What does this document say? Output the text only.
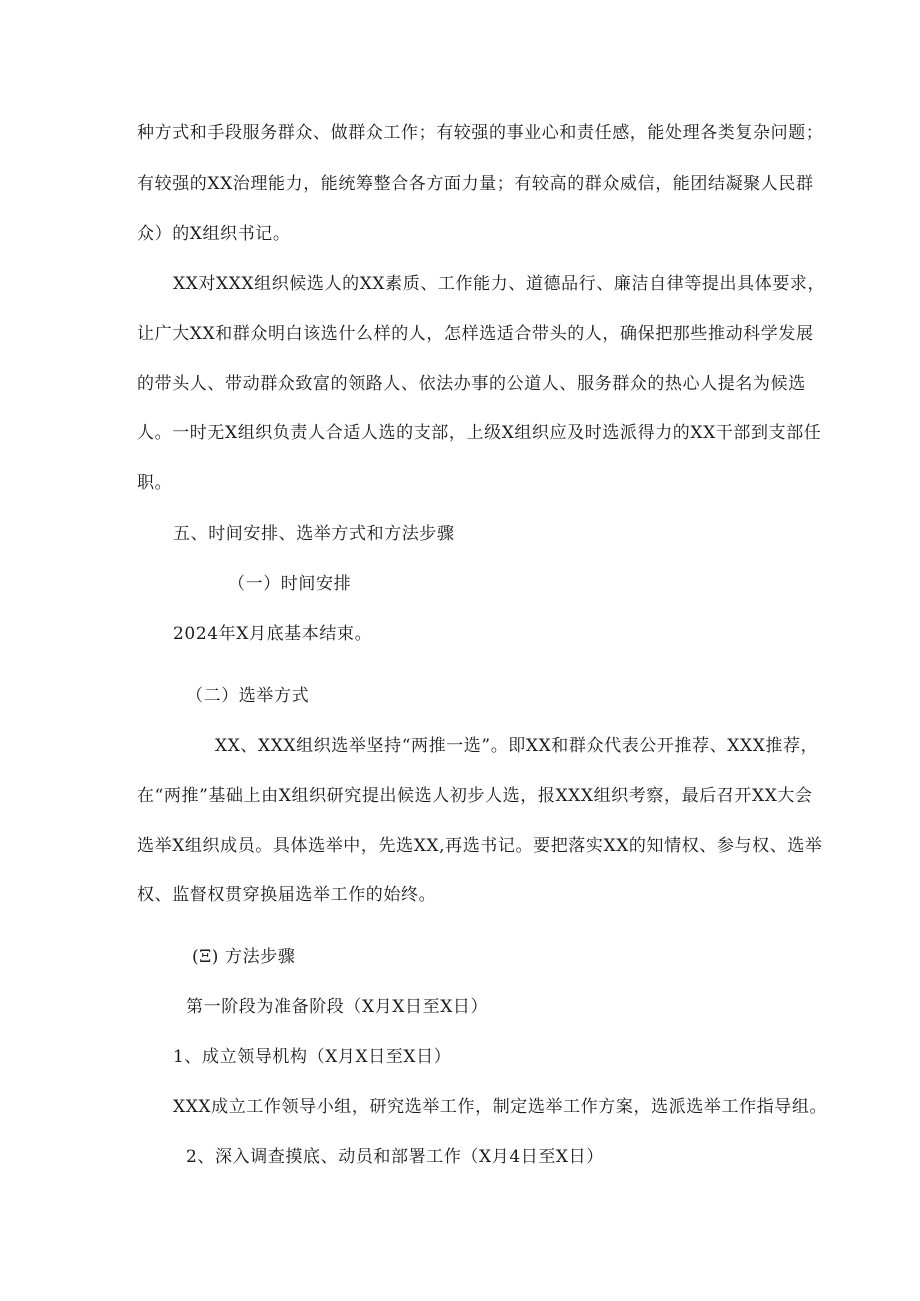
种方式和手段服务群众、做群众工作；有较强的事业心和责任感，能处理各类复杂问题；
有较强的XX治理能力，能统筹整合各方面力量；有较高的群众威信，能团结凝聚人民群
众）的X组织书记。
XX对XXX组织候选人的XX素质、工作能力、道德品行、廉洁自律等提出具体要求，
让广大XX和群众明白该选什么样的人，怎样选适合带头的人，确保把那些推动科学发展
的带头人、带动群众致富的领路人、依法办事的公道人、服务群众的热心人提名为候选
人。一时无X组织负责人合适人选的支部，上级X组织应及时选派得力的XX干部到支部任
职。
五、时间安排、选举方式和方法步骤
（一）时间安排
2024年X月底基本结束。
（二）选举方式
XX、XXX组织选举坚持“两推一选”。即XX和群众代表公开推荐、XXX推荐，
在“两推”基础上由X组织研究提出候选人初步人选，报XXX组织考察，最后召开XX大会
选举X组织成员。具体选举中，先选XX,再选书记。要把落实XX的知情权、参与权、选举
权、监督权贯穿换届选举工作的始终。
(Ξ) 方法步骤
第一阶段为准备阶段（X月X日至X日）
1、成立领导机构（X月X日至X日）
XXX成立工作领导小组，研究选举工作，制定选举工作方案，选派选举工作指导组。
2、深入调查摸底、动员和部署工作（X月4日至X日）
